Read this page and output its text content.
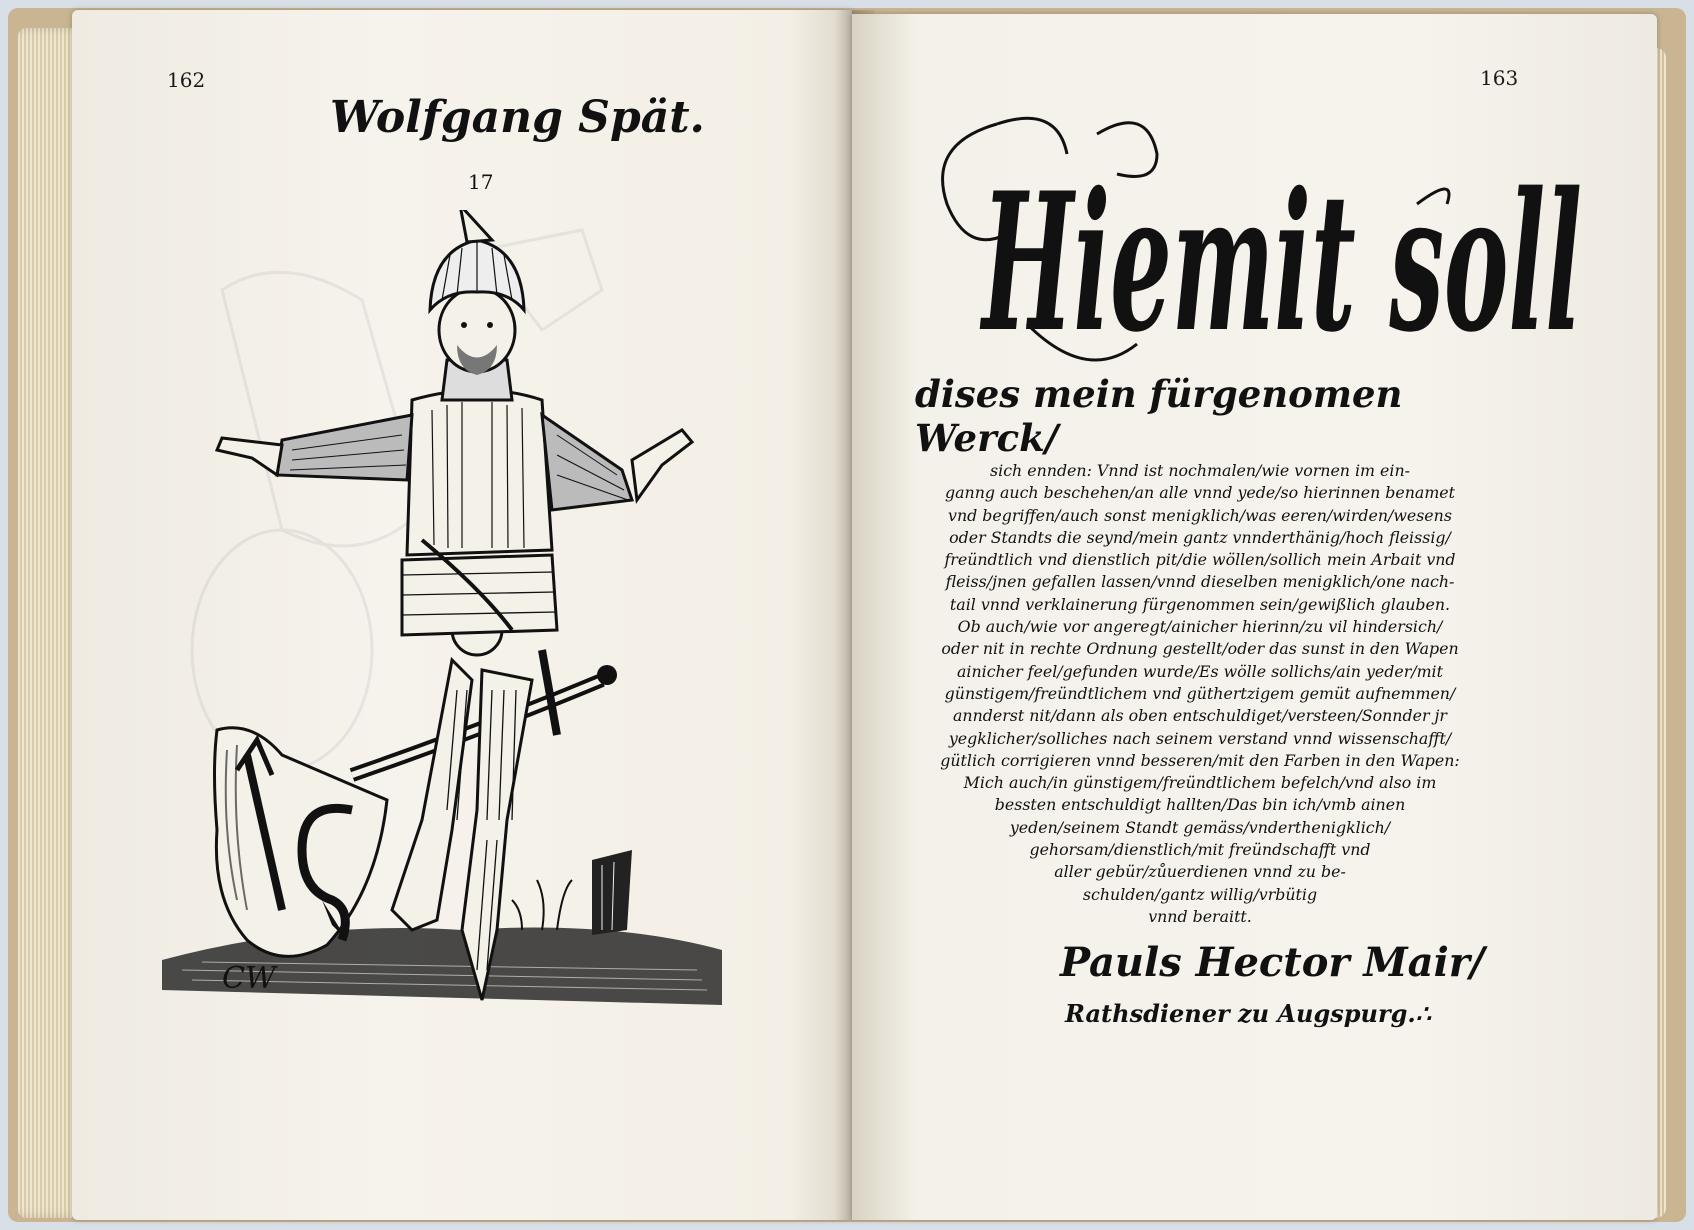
162
Wolfgang Spät.
17
CW
163
Hiemit soll
dises mein fürgenomen Werck/
sich ennden: Vnnd ist nochmalen/wie vornen im ein-
ganng auch beschehen/an alle vnnd yede/so hierinnen benamet
vnd begriffen/auch sonst menigklich/was eeren/wirden/wesens
oder Standts die seynd/mein gantz vnnderthänig/hoch fleissig/
freündtlich vnd dienstlich pit/die wöllen/sollich mein Arbait vnd
fleiss/jnen gefallen lassen/vnnd dieselben menigklich/one nach-
tail vnnd verklainerung fürgenommen sein/gewißlich glauben.
Ob auch/wie vor angeregt/ainicher hierinn/zu vil hindersich/
oder nit in rechte Ordnung gestellt/oder das sunst in den Wapen
ainicher feel/gefunden wurde/Es wölle sollichs/ain yeder/mit
günstigem/freündtlichem vnd güthertzigem gemüt aufnemmen/
annderst nit/dann als oben entschuldiget/versteen/Sonnder jr
yegklicher/solliches nach seinem verstand vnnd wissenschafft/
gütlich corrigieren vnnd besseren/mit den Farben in den Wapen:
Mich auch/in günstigem/freündtlichem befelch/vnd also im
bessten entschuldigt hallten/Das bin ich/vmb ainen
yeden/seinem Standt gemäss/vnderthenigklich/
gehorsam/dienstlich/mit freündschafft vnd
aller gebür/zůuerdienen vnnd zu be-
schulden/gantz willig/vrbütig
vnnd beraitt.
Pauls Hector Mair/
Rathsdiener zu Augspurg.∴
